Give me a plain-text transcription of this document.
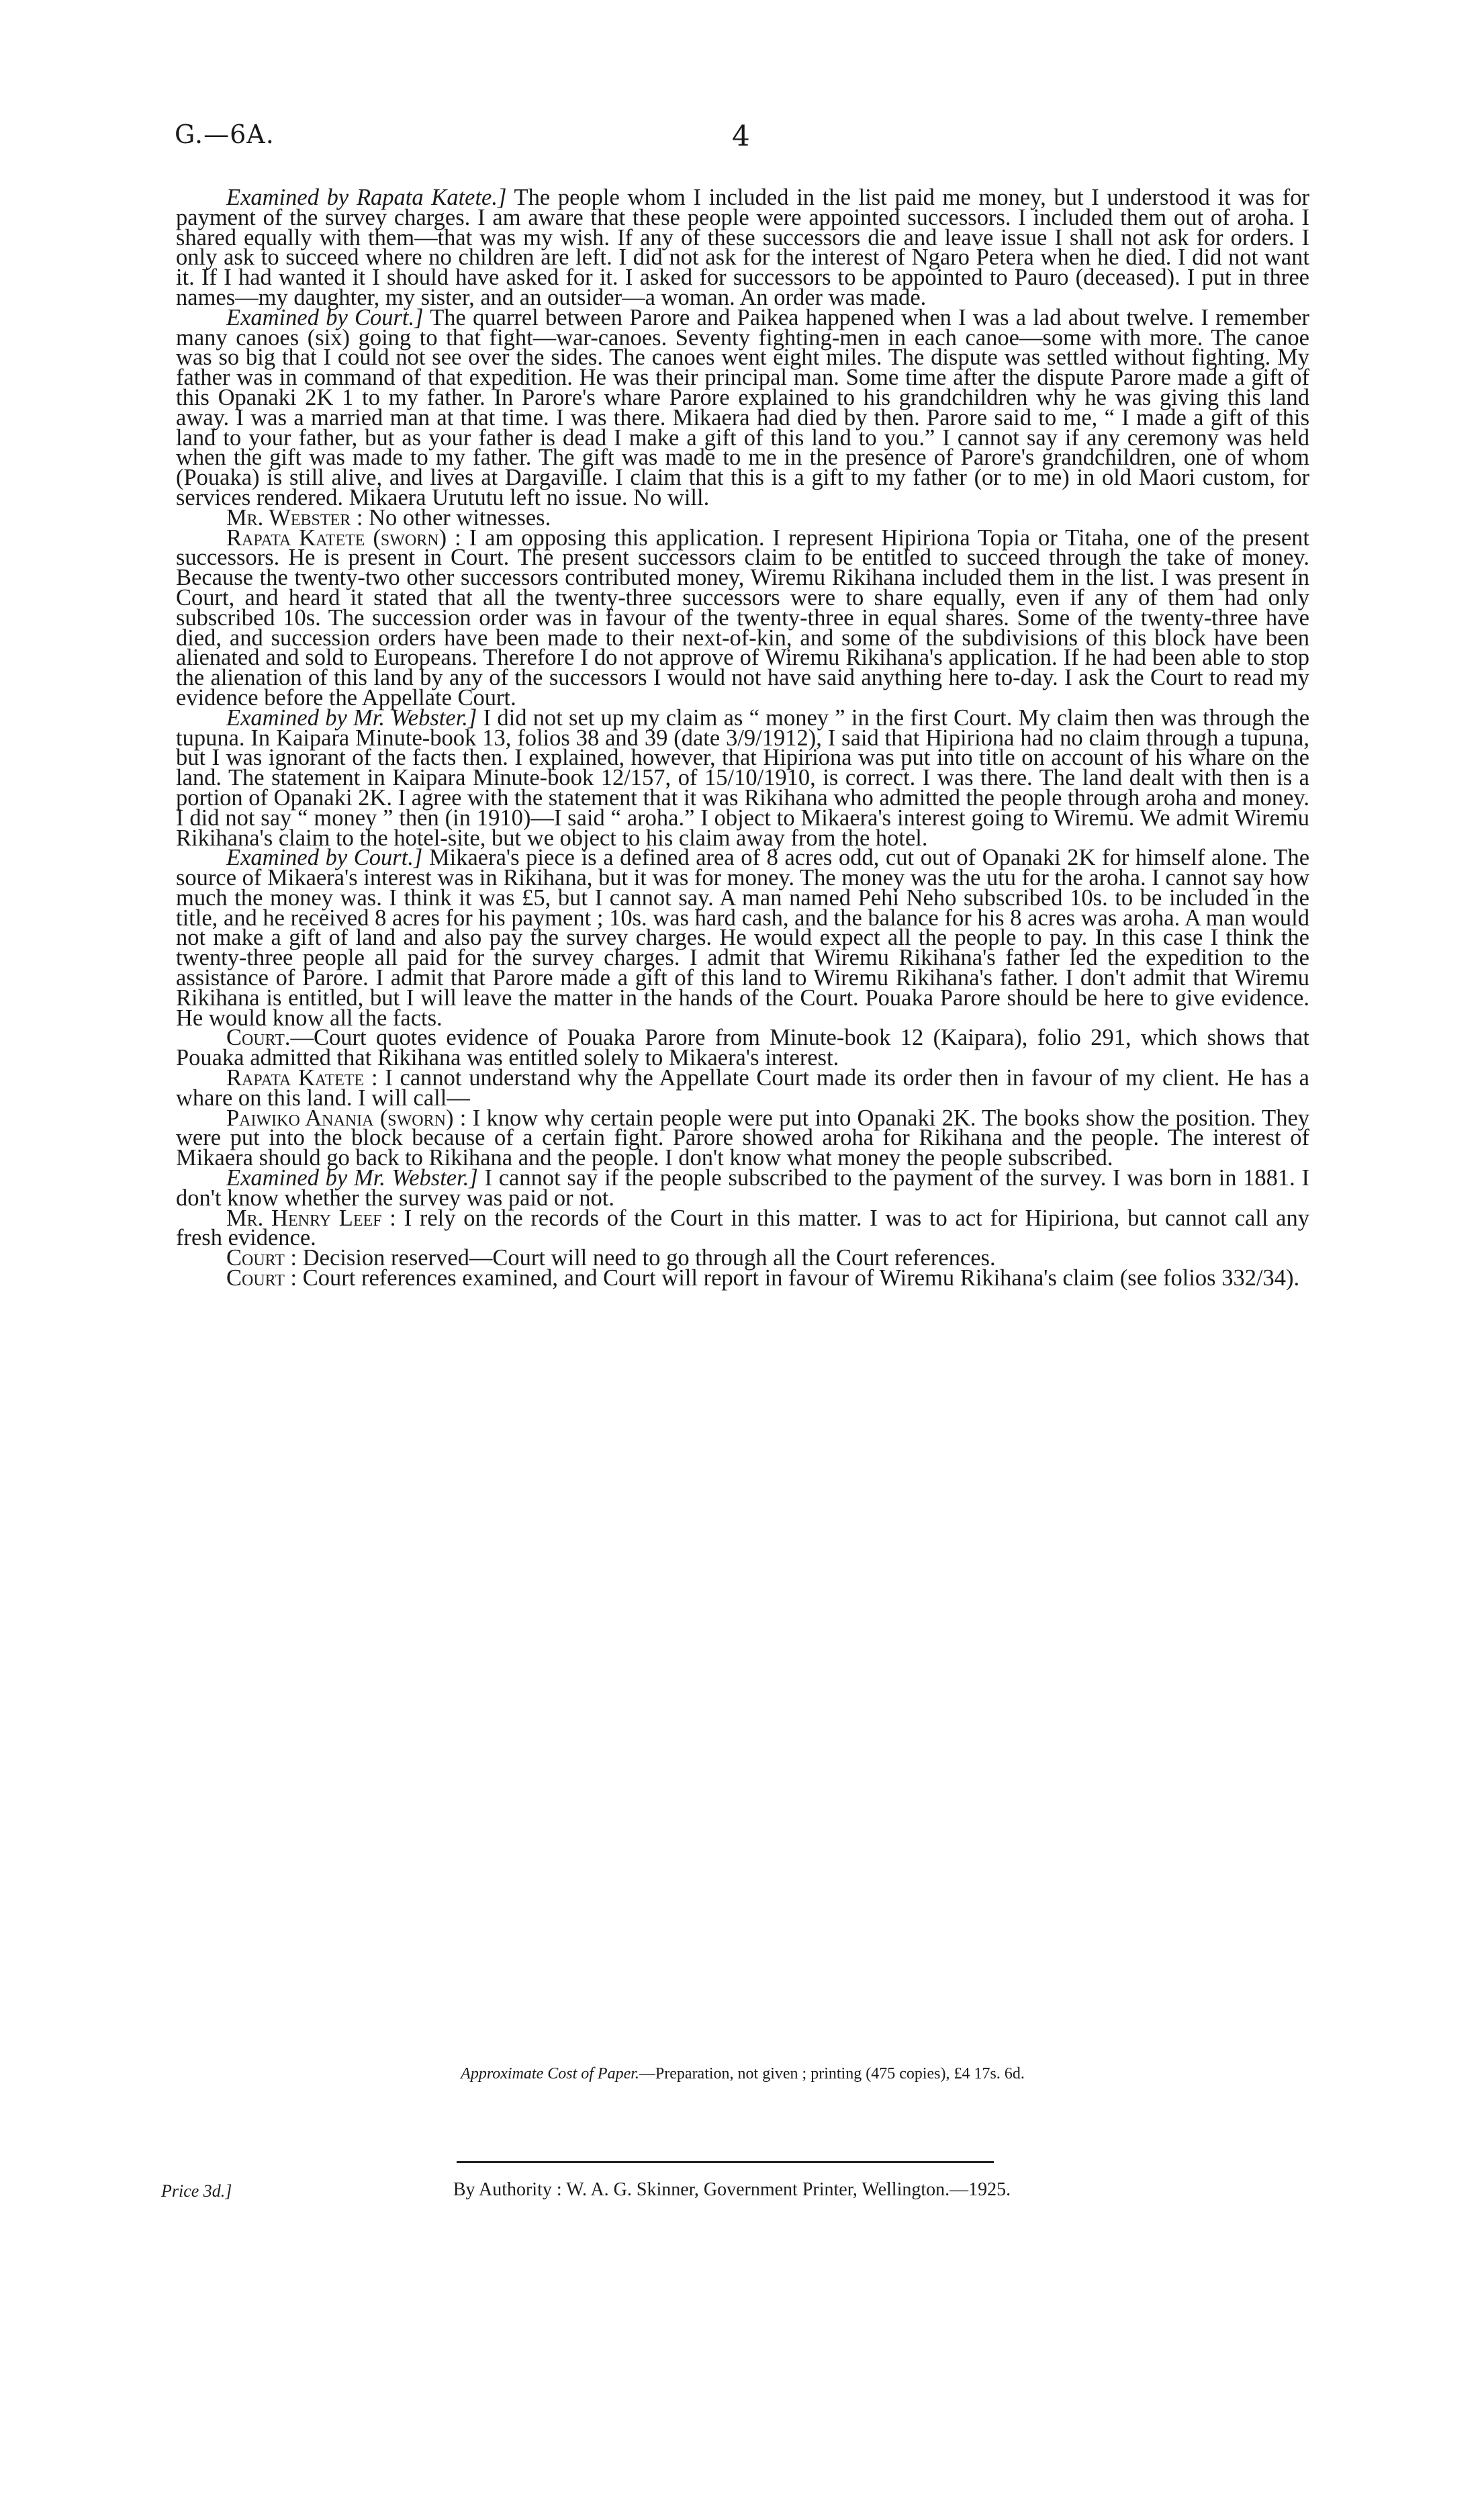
G.—6A.	4

Examined by Rapata Katete.] The people whom I included in the list paid me money, but I understood it was for payment of the survey charges. I am aware that these people were appointed successors. I included them out of aroha. I shared equally with them—that was my wish. If any of these successors die and leave issue I shall not ask for orders. I only ask to succeed where no children are left. I did not ask for the interest of Ngaro Petera when he died. I did not want it. If I had wanted it I should have asked for it. I asked for successors to be appointed to Pauro (deceased). I put in three names—my daughter, my sister, and an outsider—a woman. An order was made.

Examined by Court.] The quarrel between Parore and Paikea happened when I was a lad about twelve. I remember many canoes (six) going to that fight—war-canoes. Seventy fighting-men in each canoe—some with more. The canoe was so big that I could not see over the sides. The canoes went eight miles. The dispute was settled without fighting. My father was in command of that expedition. He was their principal man. Some time after the dispute Parore made a gift of this Opanaki 2K 1 to my father. In Parore's whare Parore explained to his grandchildren why he was giving this land away. I was a married man at that time. I was there. Mikaera had died by then. Parore said to me, “ I made a gift of this land to your father, but as your father is dead I make a gift of this land to you.” I cannot say if any ceremony was held when the gift was made to my father. The gift was made to me in the presence of Parore's grandchildren, one of whom (Pouaka) is still alive, and lives at Dargaville. I claim that this is a gift to my father (or to me) in old Maori custom, for services rendered. Mikaera Urututu left no issue. No will.

Mr. Webster : No other witnesses.

Rapata Katete (sworn) : I am opposing this application. I represent Hipiriona Topia or Titaha, one of the present successors. He is present in Court. The present successors claim to be entitled to succeed through the take of money. Because the twenty-two other successors contributed money, Wiremu Rikihana included them in the list. I was present in Court, and heard it stated that all the twenty-three successors were to share equally, even if any of them had only subscribed 10s. The succession order was in favour of the twenty-three in equal shares. Some of the twenty-three have died, and succession orders have been made to their next-of-kin, and some of the subdivisions of this block have been alienated and sold to Europeans. Therefore I do not approve of Wiremu Rikihana's application. If he had been able to stop the alienation of this land by any of the successors I would not have said anything here to-day. I ask the Court to read my evidence before the Appellate Court.

Examined by Mr. Webster.] I did not set up my claim as “ money ” in the first Court. My claim then was through the tupuna. In Kaipara Minute-book 13, folios 38 and 39 (date 3/9/1912), I said that Hipiriona had no claim through a tupuna, but I was ignorant of the facts then. I explained, however, that Hipiriona was put into title on account of his whare on the land. The statement in Kaipara Minute-book 12/157, of 15/10/1910, is correct. I was there. The land dealt with then is a portion of Opanaki 2K. I agree with the statement that it was Rikihana who admitted the people through aroha and money. I did not say “ money ” then (in 1910)—I said “ aroha.” I object to Mikaera's interest going to Wiremu. We admit Wiremu Rikihana's claim to the hotel-site, but we object to his claim away from the hotel.

Examined by Court.] Mikaera's piece is a defined area of 8 acres odd, cut out of Opanaki 2K for himself alone. The source of Mikaera's interest was in Rikihana, but it was for money. The money was the utu for the aroha. I cannot say how much the money was. I think it was £5, but I cannot say. A man named Pehi Neho subscribed 10s. to be included in the title, and he received 8 acres for his payment ; 10s. was hard cash, and the balance for his 8 acres was aroha. A man would not make a gift of land and also pay the survey charges. He would expect all the people to pay. In this case I think the twenty-three people all paid for the survey charges. I admit that Wiremu Rikihana's father led the expedition to the assistance of Parore. I admit that Parore made a gift of this land to Wiremu Rikihana's father. I don't admit that Wiremu Rikihana is entitled, but I will leave the matter in the hands of the Court. Pouaka Parore should be here to give evidence. He would know all the facts.

Court.—Court quotes evidence of Pouaka Parore from Minute-book 12 (Kaipara), folio 291, which shows that Pouaka admitted that Rikihana was entitled solely to Mikaera's interest.

Rapata Katete : I cannot understand why the Appellate Court made its order then in favour of my client. He has a whare on this land. I will call—

Paiwiko Anania (sworn) : I know why certain people were put into Opanaki 2K. The books show the position. They were put into the block because of a certain fight. Parore showed aroha for Rikihana and the people. The interest of Mikaera should go back to Rikihana and the people. I don't know what money the people subscribed.

Examined by Mr. Webster.] I cannot say if the people subscribed to the payment of the survey. I was born in 1881. I don't know whether the survey was paid or not.

Mr. Henry Leef : I rely on the records of the Court in this matter. I was to act for Hipiriona, but cannot call any fresh evidence.

Court : Decision reserved—Court will need to go through all the Court references.

Court : Court references examined, and Court will report in favour of Wiremu Rikihana's claim (see folios 332/34).

Approximate Cost of Paper.—Preparation, not given ; printing (475 copies), £4 17s. 6d.
Price 3d.]	By Authority : W. A. G. Skinner, Government Printer, Wellington.—1925.
